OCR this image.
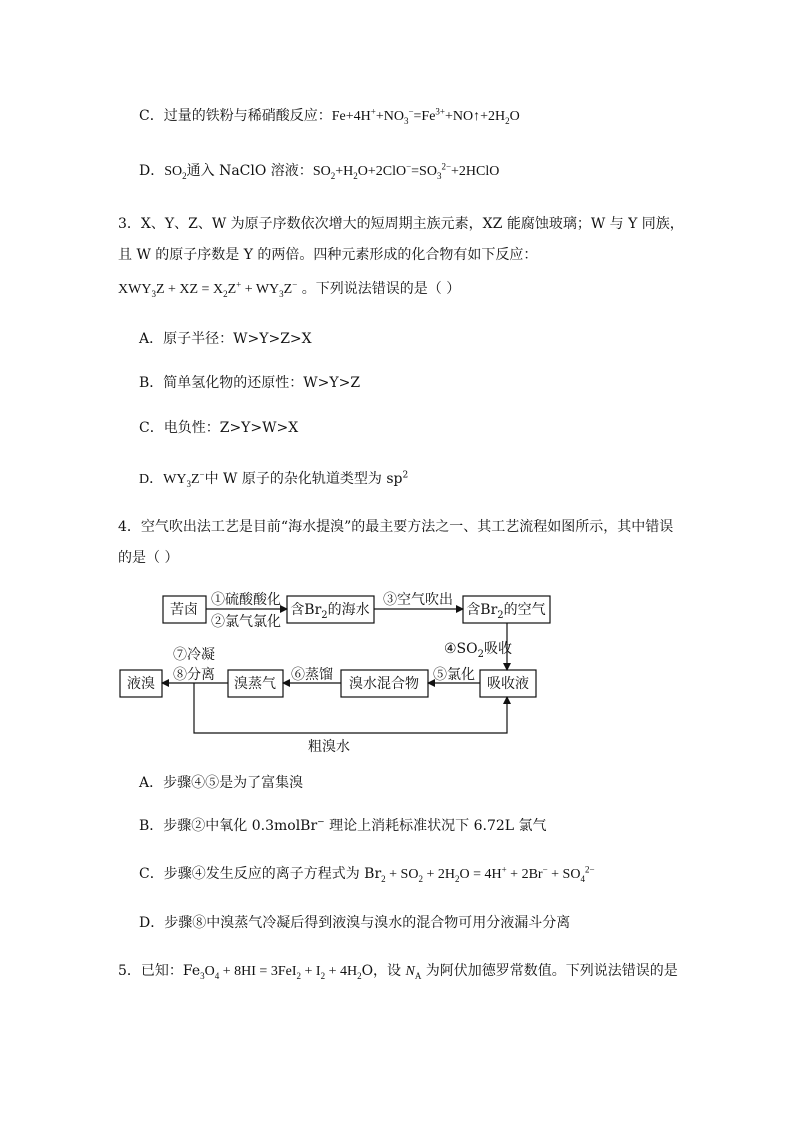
C．过量的铁粉与稀硝酸反应：$Fe+4H^++NO_3^-=Fe^{3+}+NO↑+2H_2O$
D．$SO_2$通入 NaClO 溶液：$SO_2+H_2O+2ClO^-=SO_3^{2-}+2HClO$
3．X、Y、Z、W 为原子序数依次增大的短周期主族元素，XZ 能腐蚀玻璃；W 与 Y 同族，
且 W 的原子序数是 Y 的两倍。四种元素形成的化合物有如下反应：
$XWY_3Z$ + XZ = $X_2Z^+ + WY_3Z^-$ 。下列说法错误的是（ ）
A．原子半径：W>Y>Z>X
B．简单氢化物的还原性：W>Y>Z
C．电负性：Z>Y>W>X
D．$WY_3Z^-$中 W 原子的杂化轨道类型为 $sp^2$
4．空气吹出法工艺是目前“海水提溴”的最主要方法之一、其工艺流程如图所示，其中错误
的是（ ）
苦卤	含$Br_2$的海水	含$Br_2$的空气
吸收液
溴水混合物
溴蒸气
液溴
①硫酸酸化
②氯气氯化
③空气吹出
$④SO_2$吸收
⑤氯化
⑥蒸馏
⑦冷凝
⑧分离
粗溴水
A．步骤④⑤是为了富集溴
B．步骤②中氧化 0.3molBr− 理论上消耗标准状况下 6.72L 氯气
C．步骤④发生反应的离子方程式为 $Br_2 + SO_2 + 2H_2O = 4H^+ + 2Br^- + SO_4^{2-}$
D．步骤⑧中溴蒸气冷凝后得到液溴与溴水的混合物可用分液漏斗分离
5．已知：$Fe_3O_4 + 8HI = 3FeI_2 + I_2 + 4H_2O$，设 $N_A$ 为阿伏加德罗常数值。下列说法错误的是
